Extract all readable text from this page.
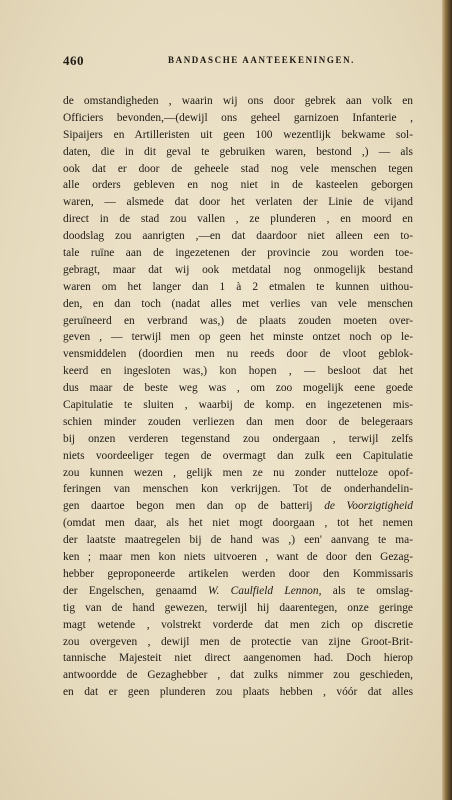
460	BANDASCHE AANTEEKENINGEN.
de omstandigheden , waarin wij ons door gebrek aan volk en
Officiers bevonden,—(dewijl ons geheel garnizoen Infanterie ,
Sipaijers en Artilleristen uit geen 100 wezentlijk bekwame sol-
daten, die in dit geval te gebruiken waren, bestond ,) — als
ook dat er door de geheele stad nog vele menschen tegen
alle orders gebleven en nog niet in de kasteelen geborgen
waren, — alsmede dat door het verlaten der Linie de vijand
direct in de stad zou vallen , ze plunderen , en moord en
doodslag zou aanrigten ,—en dat daardoor niet alleen een to-
tale ruïne aan de ingezetenen der provincie zou worden toe-
gebragt, maar dat wij ook metdatal nog onmogelijk bestand
waren om het langer dan 1 à 2 etmalen te kunnen uithou-
den, en dan toch (nadat alles met verlies van vele menschen
geruïneerd en verbrand was,) de plaats zouden moeten over-
geven , — terwijl men op geen het minste ontzet noch op le-
vensmiddelen (doordien men nu reeds door de vloot geblok-
keerd en ingesloten was,) kon hopen , — besloot dat het
dus maar de beste weg was , om zoo mogelijk eene goede
Capitulatie te sluiten , waarbij de komp. en ingezetenen mis-
schien minder zouden verliezen dan men door de belegeraars
bij onzen verderen tegenstand zou ondergaan , terwijl zelfs
niets voordeeliger tegen de overmagt dan zulk een Capitulatie
zou kunnen wezen , gelijk men ze nu zonder nutteloze opof-
feringen van menschen kon verkrijgen. Tot de onderhandelin-
gen daartoe begon men dan op de batterij de Voorzigtigheid
(omdat men daar, als het niet mogt doorgaan , tot het nemen
der laatste maatregelen bij de hand was ,) een' aanvang te ma-
ken ; maar men kon niets uitvoeren , want de door den Gezag-
hebber geproponeerde artikelen werden door den Kommissaris
der Engelschen, genaamd W. Caulfield Lennon, als te omslag-
tig van de hand gewezen, terwijl hij daarentegen, onze geringe
magt wetende , volstrekt vorderde dat men zich op discretie
zou overgeven , dewijl men de protectie van zijne Groot-Brit-
tannische Majesteit niet direct aangenomen had. Doch hierop
antwoordde de Gezaghebber , dat zulks nimmer zou geschieden,
en dat er geen plunderen zou plaats hebben , vóór dat alles
